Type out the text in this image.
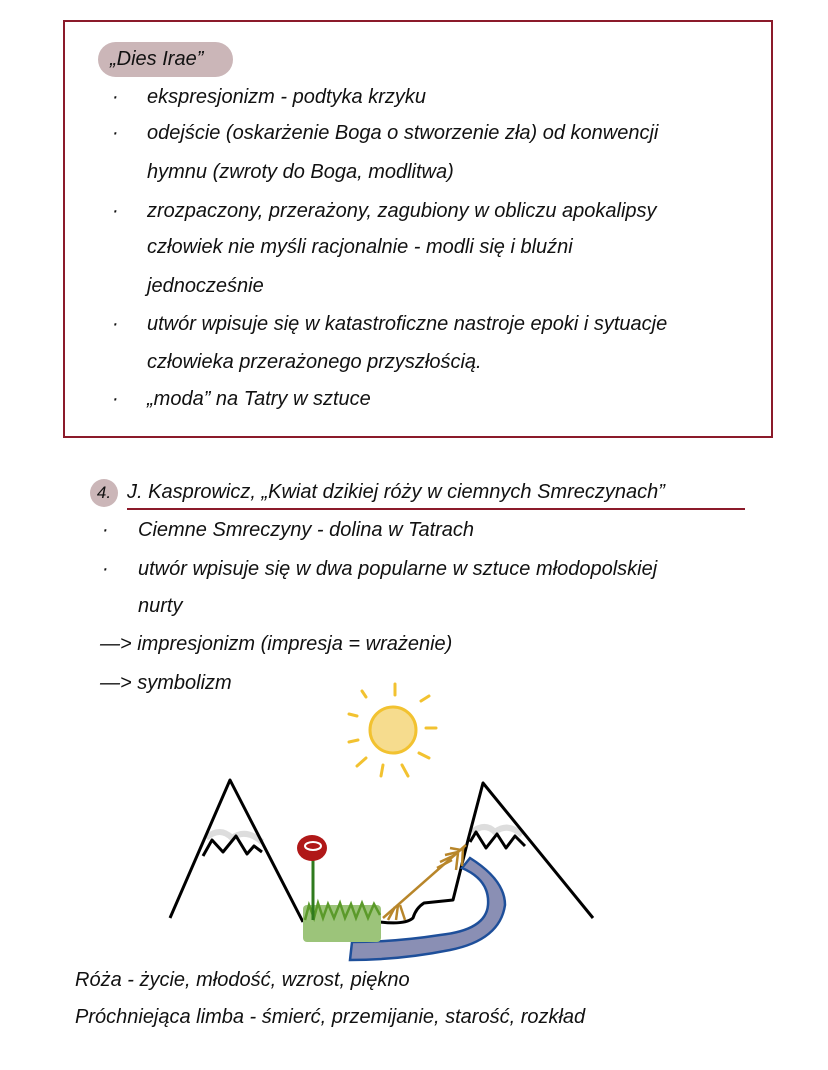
„Dies Irae”
· ekspresjonizm - podtyka krzyku
· odejście (oskarżenie Boga o stworzenie zła) od konwencji
hymnu (zwroty do Boga, modlitwa)
· zrozpaczony, przerażony, zagubiony w obliczu apokalipsy
człowiek nie myśli racjonalnie - modli się i bluźni
jednocześnie
· utwór wpisuje się w katastroficzne nastroje epoki i sytuacje
człowieka przerażonego przyszłością.
· „moda” na Tatry w sztuce
4. J. Kasprowicz, „Kwiat dzikiej róży w ciemnych Smreczynach”
· Ciemne Smreczyny - dolina w Tatrach
· utwór wpisuje się w dwa popularne w sztuce młodopolskiej
nurty
—> impresjonizm (impresja = wrażenie)
—> symbolizm
Róża - życie, młodość, wzrost, piękno
Próchniejąca limba - śmierć, przemijanie, starość, rozkład
